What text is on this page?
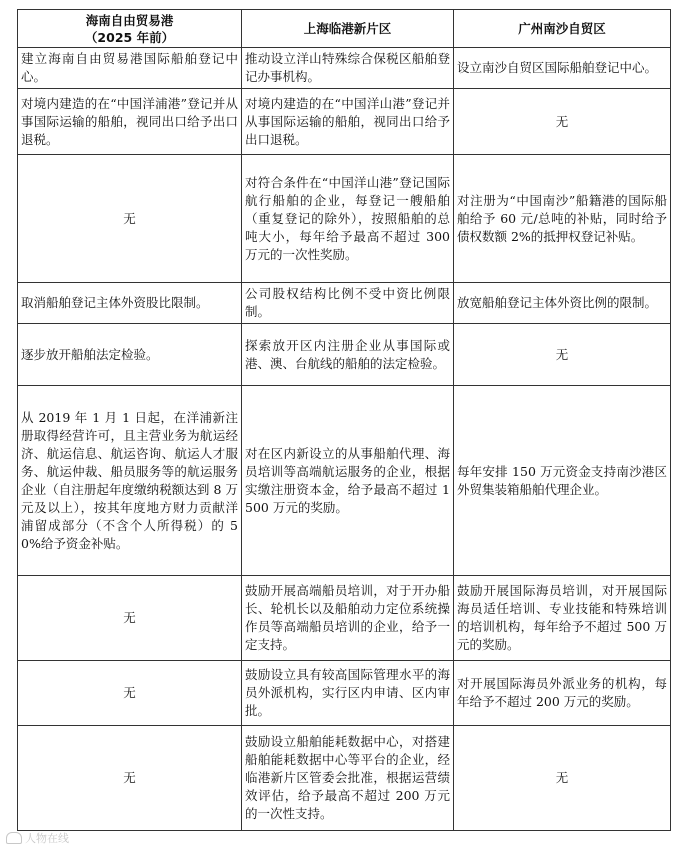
海南自由贸易港
（2025 年前）	上海临港新片区	广州南沙自贸区
建立海南自由贸易港国际船舶登记中心。	推动设立洋山特殊综合保税区船舶登记办事机构。	设立南沙自贸区国际船舶登记中心。
对境内建造的在“中国洋浦港”登记并从事国际运输的船舶，视同出口给予出口退税。	对境内建造的在“中国洋山港”登记并从事国际运输的船舶，视同出口给予出口退税。	无
无	对符合条件在“中国洋山港”登记国际航行船舶的企业，每登记一艘船舶（重复登记的除外），按照船舶的总吨大小，每年给予最高不超过 300 万元的一次性奖励。	对注册为“中国南沙”船籍港的国际船舶给予 60 元/总吨的补贴，同时给予债权数额 2%的抵押权登记补贴。
取消船舶登记主体外资股比限制。	公司股权结构比例不受中资比例限制。	放宽船舶登记主体外资比例的限制。
逐步放开船舶法定检验。	探索放开区内注册企业从事国际或港、澳、台航线的船舶的法定检验。	无
从 2019 年 1 月 1 日起，在洋浦新注册取得经营许可，且主营业务为航运经济、航运信息、航运咨询、航运人才服务、航运仲裁、船员服务等的航运服务企业（自注册起年度缴纳税额达到 8 万元及以上），按其年度地方财力贡献洋浦留成部分（不含个人所得税）的 50%给予资金补贴。	对在区内新设立的从事船舶代理、海员培训等高端航运服务的企业，根据实缴注册资本金，给予最高不超过 1500 万元的奖励。	每年安排 150 万元资金支持南沙港区外贸集装箱船舶代理企业。
无	鼓励开展高端船员培训，对于开办船长、轮机长以及船舶动力定位系统操作员等高端船员培训的企业，给予一定支持。	鼓励开展国际海员培训，对开展国际海员适任培训、专业技能和特殊培训的培训机构，每年给予不超过 500 万元的奖励。
无	鼓励设立具有较高国际管理水平的海员外派机构，实行区内申请、区内审批。	对开展国际海员外派业务的机构，每年给予不超过 200 万元的奖励。
无	鼓励设立船舶能耗数据中心，对搭建船舶能耗数据中心等平台的企业，经临港新片区管委会批准，根据运营绩效评估，给予最高不超过 200 万元的一次性支持。	无
人物在线
